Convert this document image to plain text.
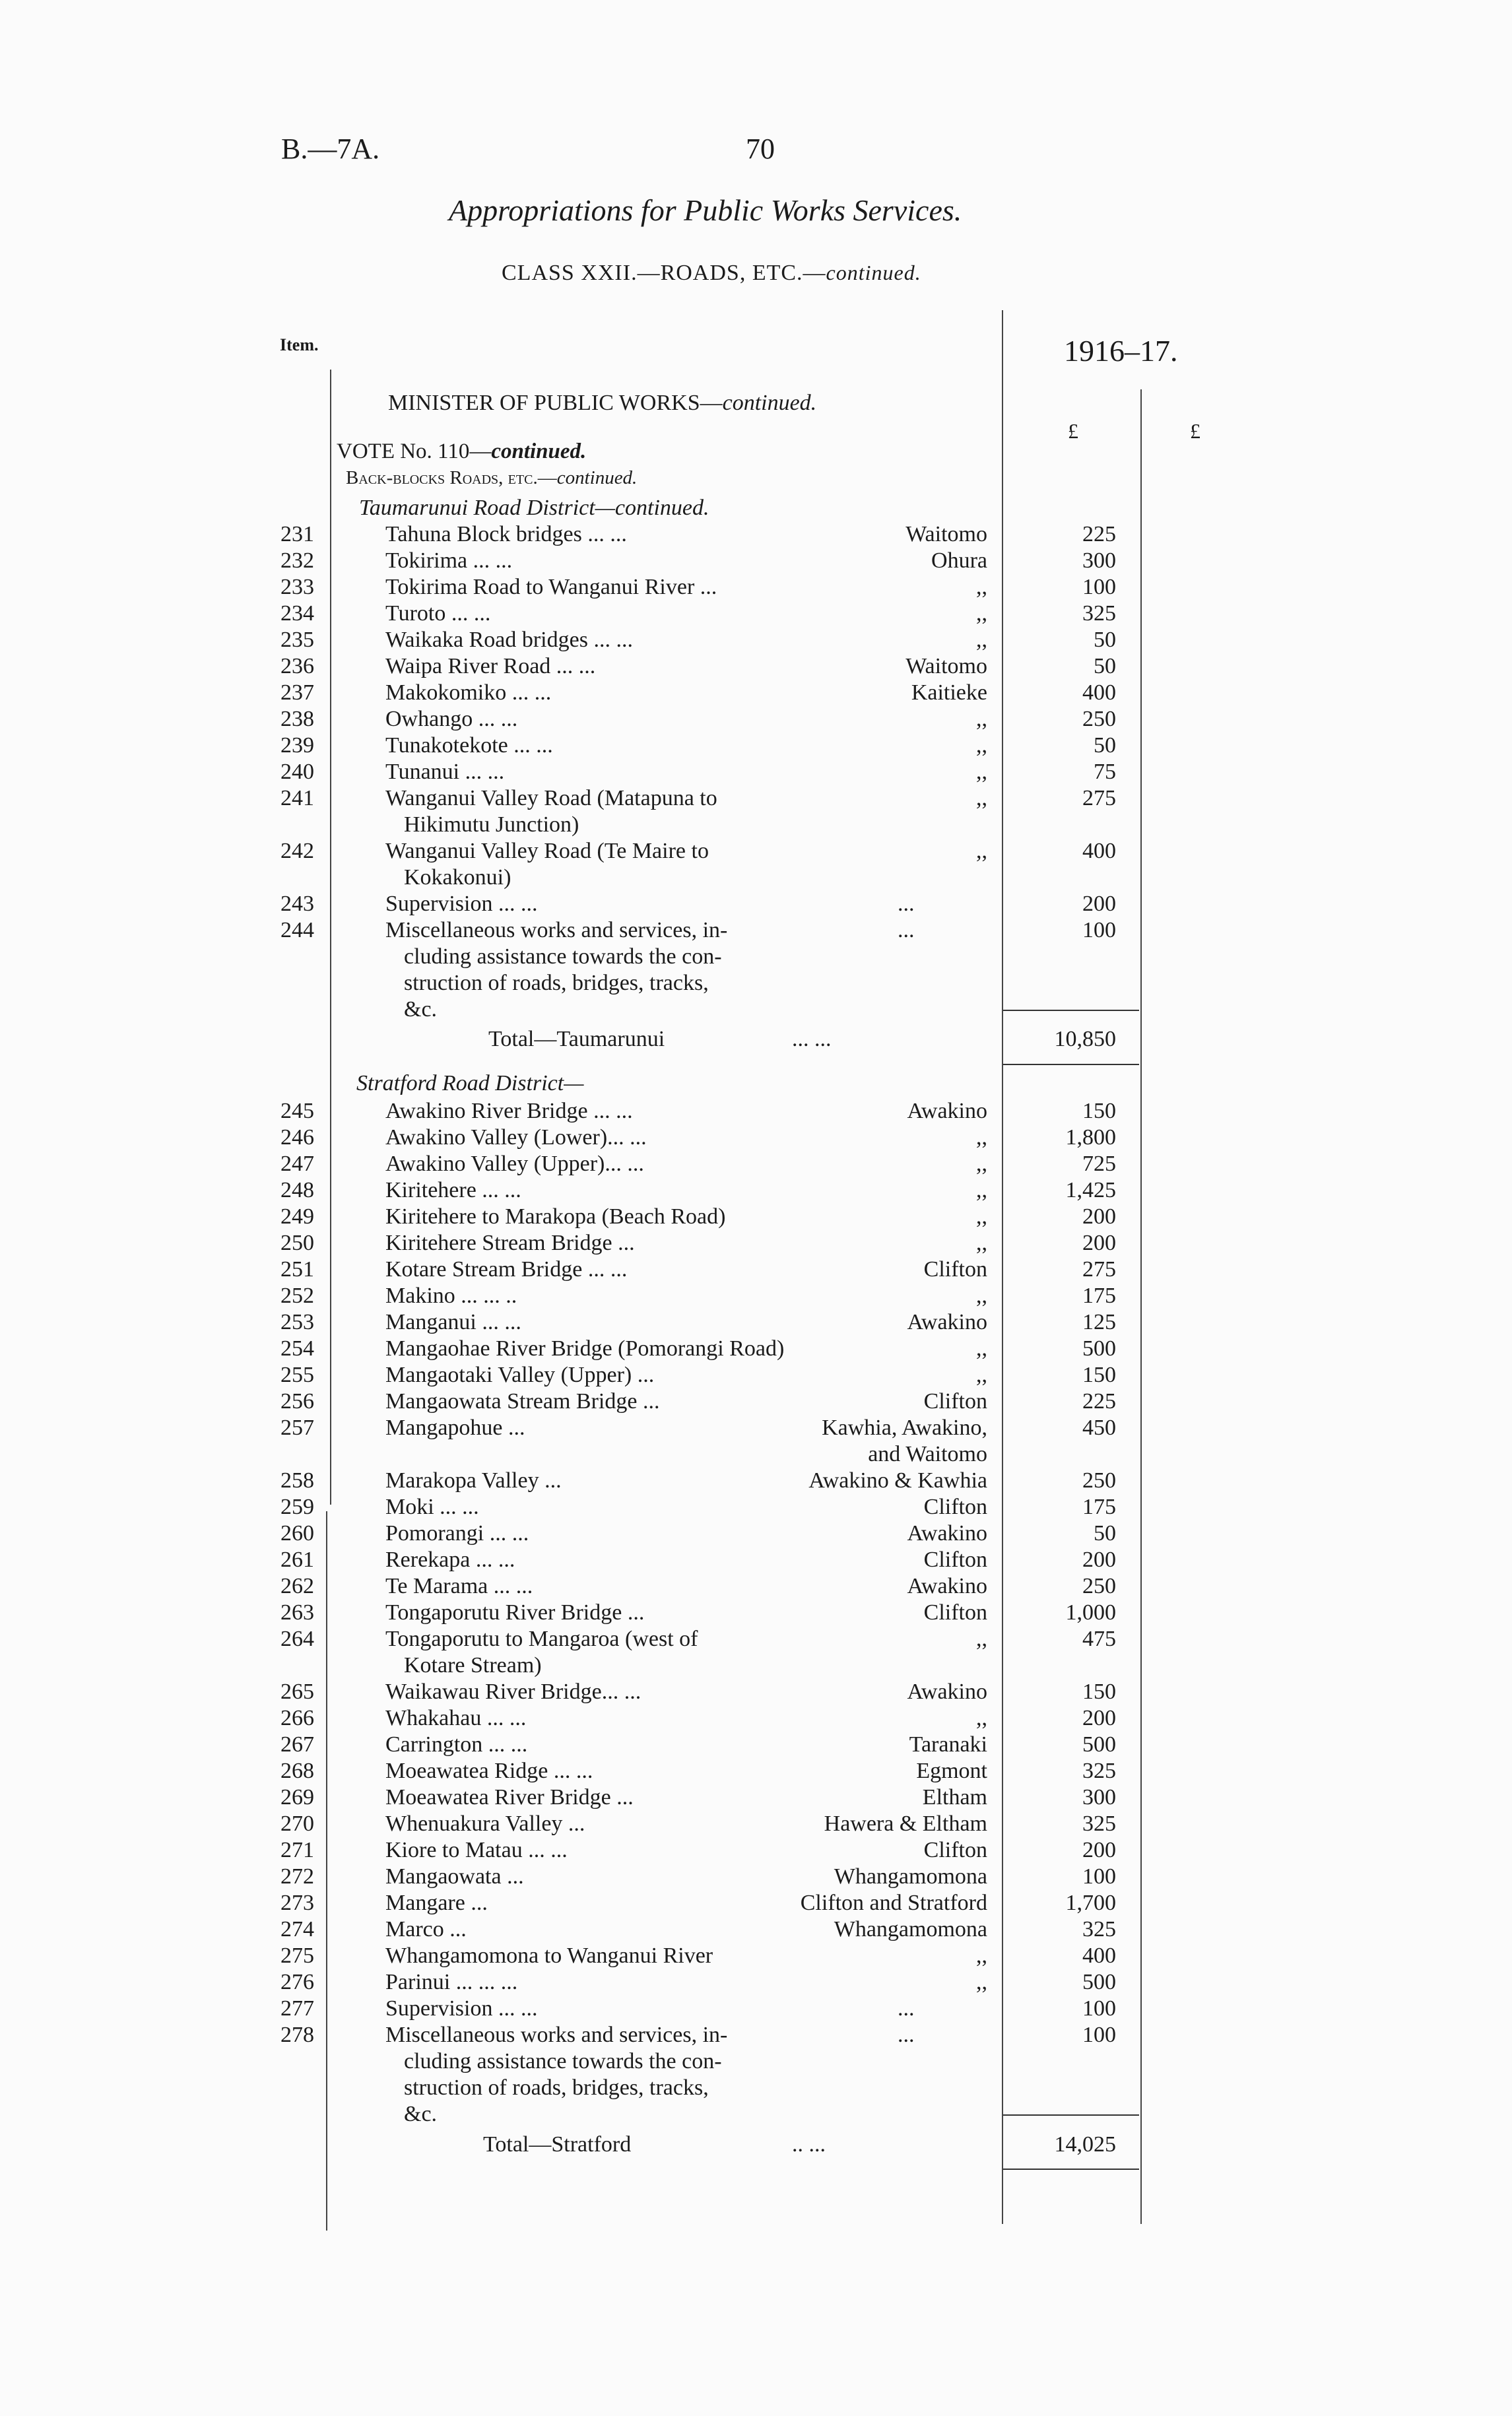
B.—7A.	70
Appropriations for Public Works Services.
CLASS XXII.—ROADS, ETC.—continued.
Item.	1916–17.
£	£
MINISTER OF PUBLIC WORKS—continued.
VOTE No. 110—continued.
Back-blocks Roads, etc.—continued.
Taumarunui Road District—continued.
231	Tahuna Block bridges ... ...	Waitomo	225
232	Tokirima ... ...	Ohura	300
233	Tokirima Road to Wanganui River ...	,,	100
234	Turoto ... ...	,,	325
235	Waikaka Road bridges ... ...	,,	50
236	Waipa River Road ... ...	Waitomo	50
237	Makokomiko ... ...	Kaitieke	400
238	Owhango ... ...	,,	250
239	Tunakotekote ... ...	,,	50
240	Tunanui ... ...	,,	75
241	Wanganui Valley Road (Matapuna to	,,	275
Hikimutu Junction)
242	Wanganui Valley Road (Te Maire to	,,	400
Kokakonui)
243	Supervision ... ...	...	200
244	Miscellaneous works and services, in-	...	100
cluding assistance towards the con-
struction of roads, bridges, tracks,
&c.
Total—Taumarunui	... ...	10,850
Stratford Road District—
245	Awakino River Bridge ... ...	Awakino	150
246	Awakino Valley (Lower)... ...	,,	1,800
247	Awakino Valley (Upper)... ...	,,	725
248	Kiritehere ... ...	,,	1,425
249	Kiritehere to Marakopa (Beach Road)	,,	200
250	Kiritehere Stream Bridge ...	,,	200
251	Kotare Stream Bridge ... ...	Clifton	275
252	Makino ... ... ..	,,	175
253	Manganui ... ...	Awakino	125
254	Mangaohae River Bridge (Pomorangi Road)	,,	500
255	Mangaotaki Valley (Upper) ...	,,	150
256	Mangaowata Stream Bridge ...	Clifton	225
257	Mangapohue ...	Kawhia, Awakino,	450
and Waitomo
258	Marakopa Valley ...	Awakino & Kawhia	250
259	Moki ... ...	Clifton	175
260	Pomorangi ... ...	Awakino	50
261	Rerekapa ... ...	Clifton	200
262	Te Marama ... ...	Awakino	250
263	Tongaporutu River Bridge ...	Clifton	1,000
264	Tongaporutu to Mangaroa (west of	,,	475
Kotare Stream)
265	Waikawau River Bridge... ...	Awakino	150
266	Whakahau ... ...	,,	200
267	Carrington ... ...	Taranaki	500
268	Moeawatea Ridge ... ...	Egmont	325
269	Moeawatea River Bridge ...	Eltham	300
270	Whenuakura Valley ...	Hawera & Eltham	325
271	Kiore to Matau ... ...	Clifton	200
272	Mangaowata ...	Whangamomona	100
273	Mangare ...	Clifton and Stratford	1,700
274	Marco ...	Whangamomona	325
275	Whangamomona to Wanganui River	,,	400
276	Parinui ... ... ...	,,	500
277	Supervision ... ...	...	100
278	Miscellaneous works and services, in-	...	100
cluding assistance towards the con-
struction of roads, bridges, tracks,
&c.
Total—Stratford	.. ...	14,025
